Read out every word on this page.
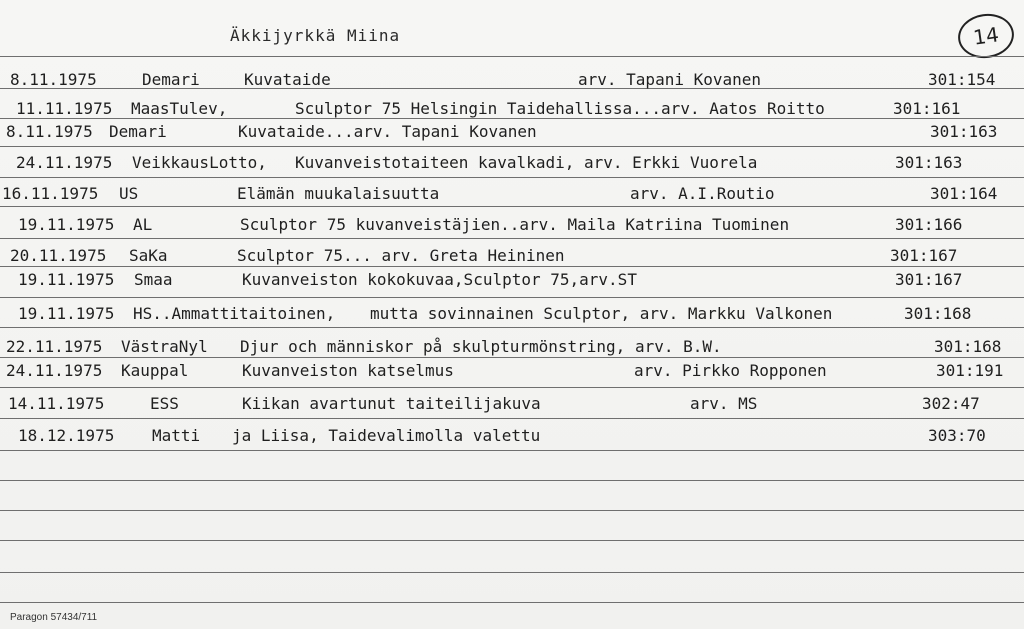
Äkkijyrkkä Miina	14
8.11.1975	Demari	Kuvataide	arv. Tapani Kovanen	301:154
11.11.1975 MaasTulev,	Sculptor 75 Helsingin Taidehallissa...arv. Aatos Roitto	301:161
8.11.1975 Demari	Kuvataide...arv. Tapani Kovanen	301:163
24.11.1975 VeikkausLotto, Kuvanveistotaiteen kavalkadi, arv. Erkki Vuorela	301:163
16.11.1975 US	Elämän muukalaisuutta	arv. A.I.Routio	301:164
19.11.1975 AL	Sculptor 75 kuvanveistäjien..arv. Maila Katriina Tuominen	301:166
20.11.1975 SaKa	Sculptor 75... arv. Greta Heininen	301:167
19.11.1975 Smaa	Kuvanveiston kokokuvaa,Sculptor 75,arv.ST	301:167
19.11.1975 HS..Ammattitaitoinen, mutta sovinnainen Sculptor, arv. Markku Valkonen	301:168
22.11.1975 VästraNyl Djur och människor på skulpturmönstring, arv. B.W.	301:168
24.11.1975 Kauppal	Kuvanveiston katselmus	arv. Pirkko Ropponen	301:191
14.11.1975	ESS	Kiikan avartunut taiteilijakuva	arv. MS	302:47
18.12.1975 Matti ja Liisa, Taidevalimolla valettu	303:70
Paragon 57434/711
